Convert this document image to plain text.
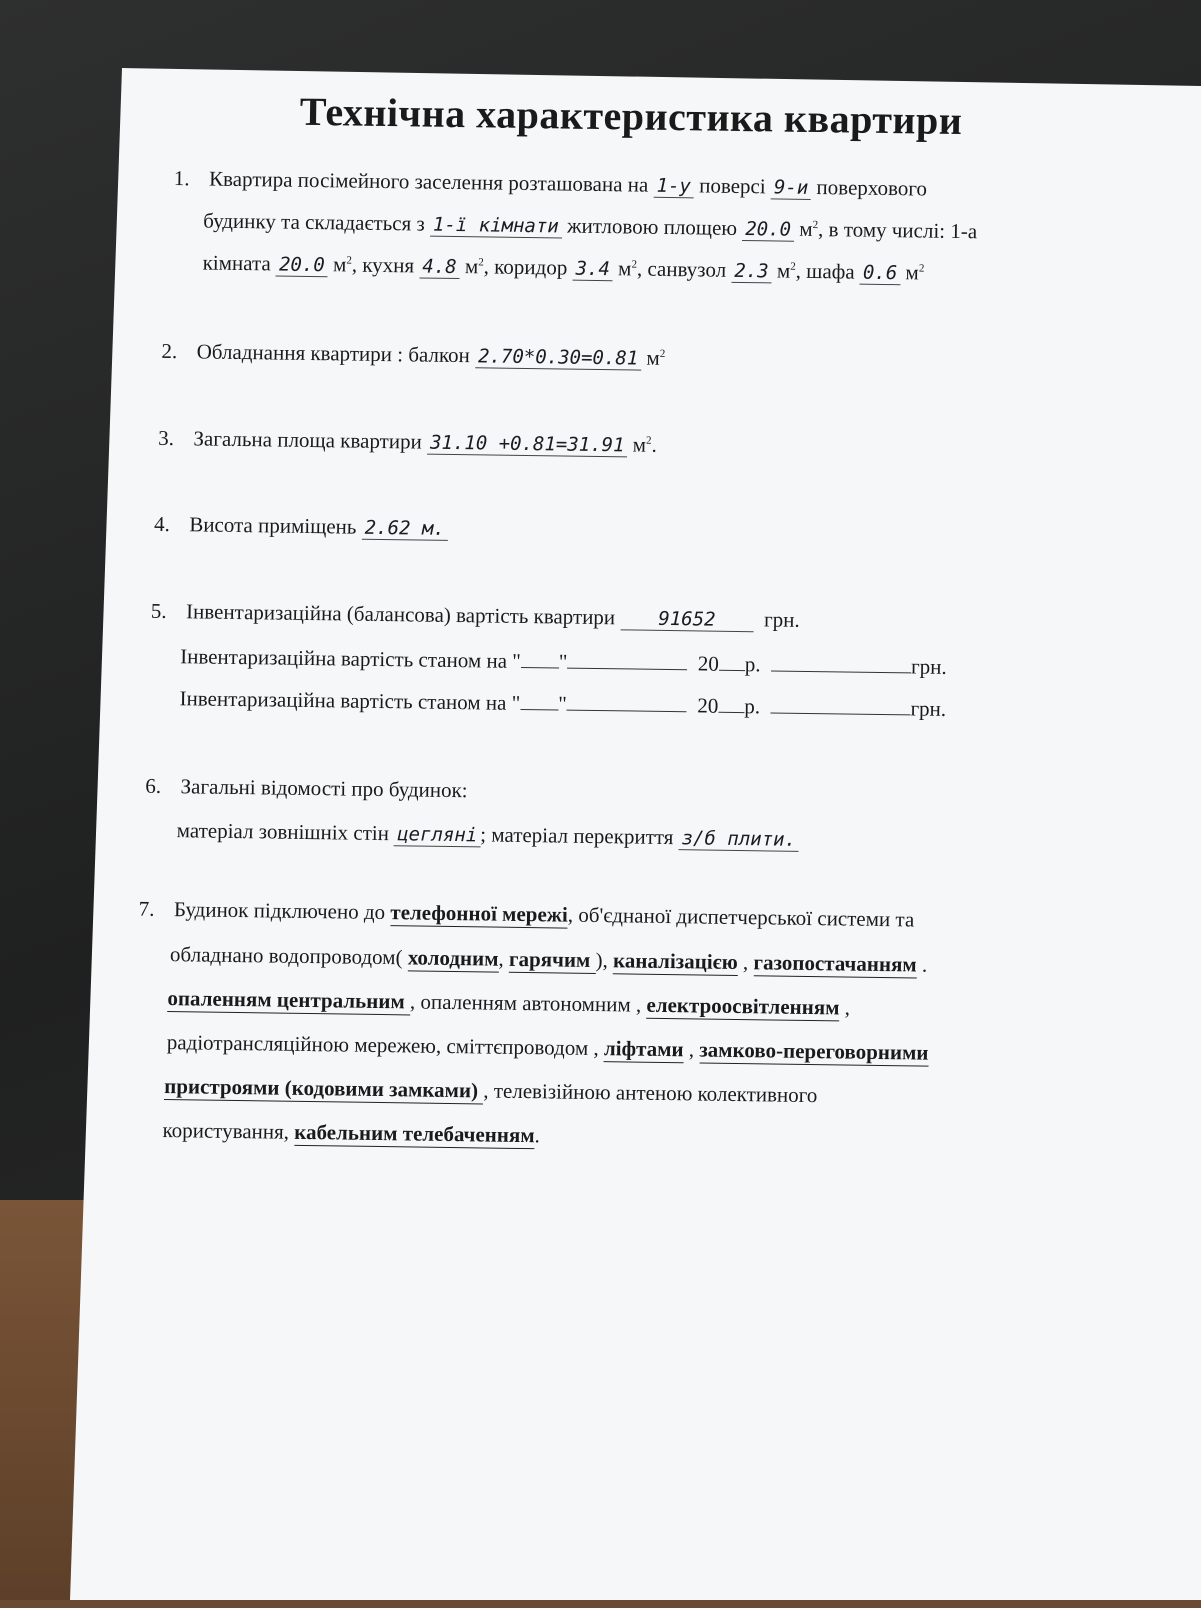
Технічна характеристика квартири
1. Квартира посімейного заселення розташована на 1-у поверсі 9-и поверхового
будинку та складається з 1-ї кімнати житловою площею 20.0 $м^2$, в тому числі: 1-а
кімната 20.0 $м^2$, кухня 4.8 $м^2$, коридор 3.4 $м^2$, санвузол 2.3 $м^2$, шафа 0.6 $м^2$
2. Обладнання квартири : балкон 2.70*0.30=0.81 $м^2$
3. Загальна площа квартири 31.10 +0.81=31.91 $м^2$.
4. Висота приміщень 2.62 м.
5. Інвентаризаційна (балансова) вартість квартири 91652 грн.
Інвентаризаційна вартість станом на " "	20 р.	грн.
Інвентаризаційна вартість станом на " "	20 р.	грн.
6. Загальні відомості про будинок:
матеріал зовнішніх стін цегляні ; матеріал перекриття з/б плити.
7. Будинок підключено до телефонної мережі, об'єднаної диспетчерської системи та
обладнано водопроводом( холодним, гарячим ), каналізацією , газопостачанням .
опаленням центральним , опаленням автономним , електроосвітленням ,
радіотрансляційною мережею, сміттєпроводом , ліфтами , замково-переговорними
пристроями (кодовими замками) , телевізійною антеною колективного
користування, кабельним телебаченням.
